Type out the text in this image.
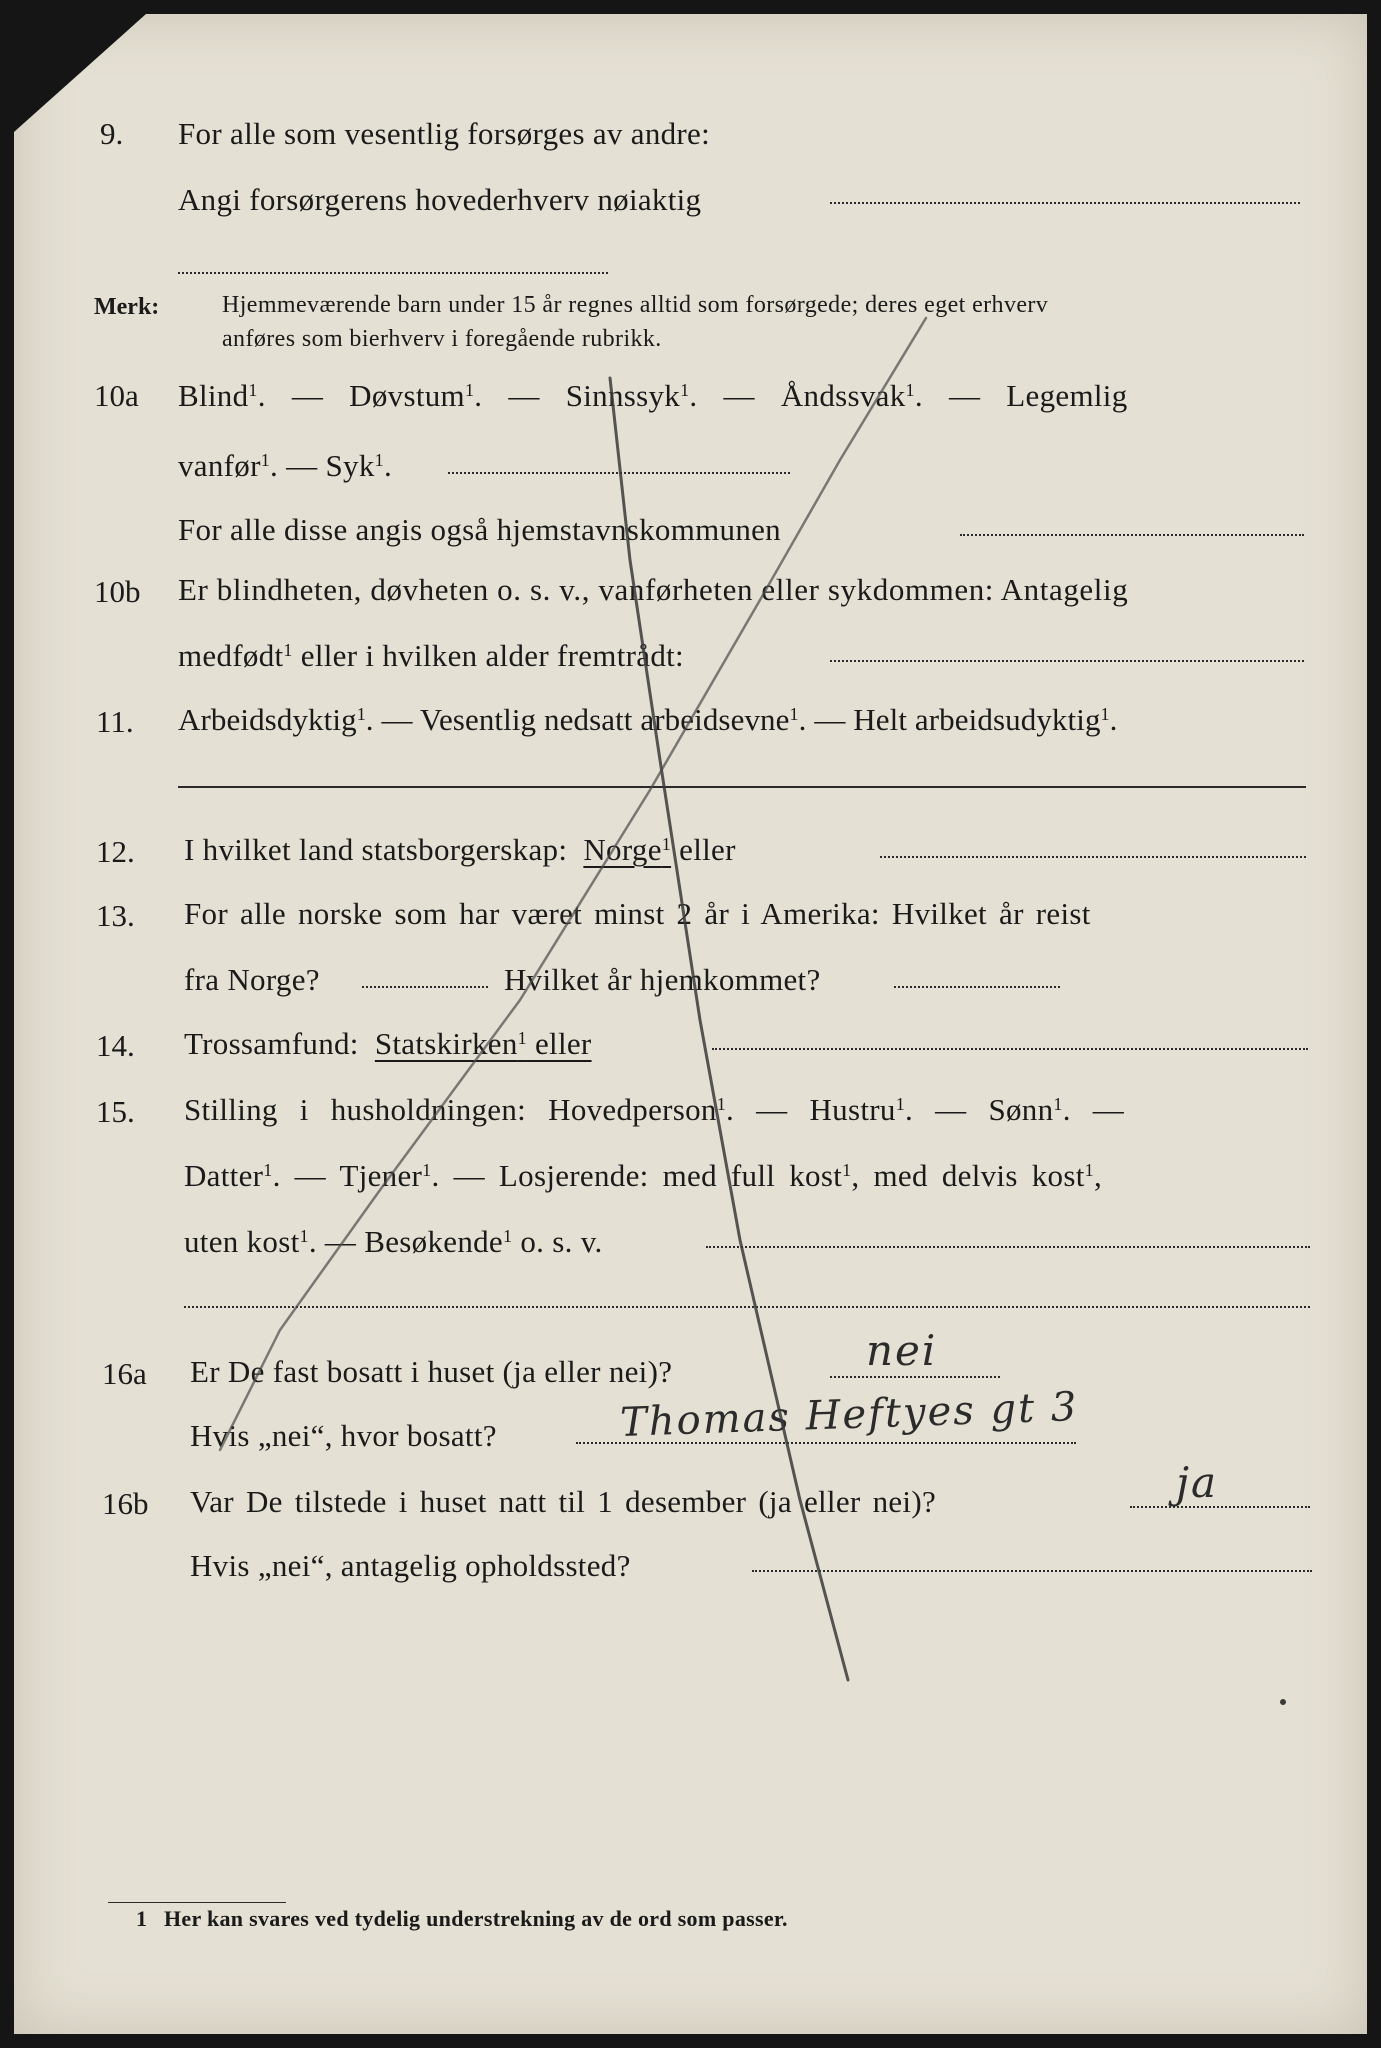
9. For alle som vesentlig forsørges av andre:
Angi forsørgerens hovederhverv nøiaktig
Merk:	Hjemmeværende barn under 15 år regnes alltid som forsørgede; deres eget erhverv
anføres som bierhverv i foregående rubrikk.
10a Blind$^1$. — Døvstum$^1$. — Sinnssyk$^1$. — Åndssvak$^1$. — Legemlig
vanfør$^1$. — Syk$^1$.
For alle disse angis også hjemstavnskommunen
10b Er blindheten, døvheten o. s. v., vanførheten eller sykdommen: Antagelig
medfødt$^1$ eller i hvilken alder fremtrådt:
11. Arbeidsdyktig$^1$. — Vesentlig nedsatt arbeidsevne$^1$. — Helt arbeidsudyktig$^1$.
12. I hvilket land statsborgerskap: Norge$^1$ eller
13. For alle norske som har været minst 2 år i Amerika: Hvilket år reist
fra Norge?	Hvilket år hjemkommet?
14. Trossamfund: Statskirken$^1$ eller
15. Stilling i husholdningen: Hovedperson$^1$. — Hustru$^1$. — Sønn$^1$. —
Datter$^1$. — Tjener$^1$. — Losjerende: med full kost$^1$, med delvis kost$^1$,
uten kost$^1$. — Besøkende$^1$ o. s. v.
16a Er De fast bosatt i huset (ja eller nei)?	nei
Hvis „nei“, hvor bosatt?	Thomas Heftyes gt 3
16b Var De tilstede i huset natt til 1 desember (ja eller nei)?	ja
Hvis „nei“, antagelig opholdssted?
1 Her kan svares ved tydelig understrekning av de ord som passer.
